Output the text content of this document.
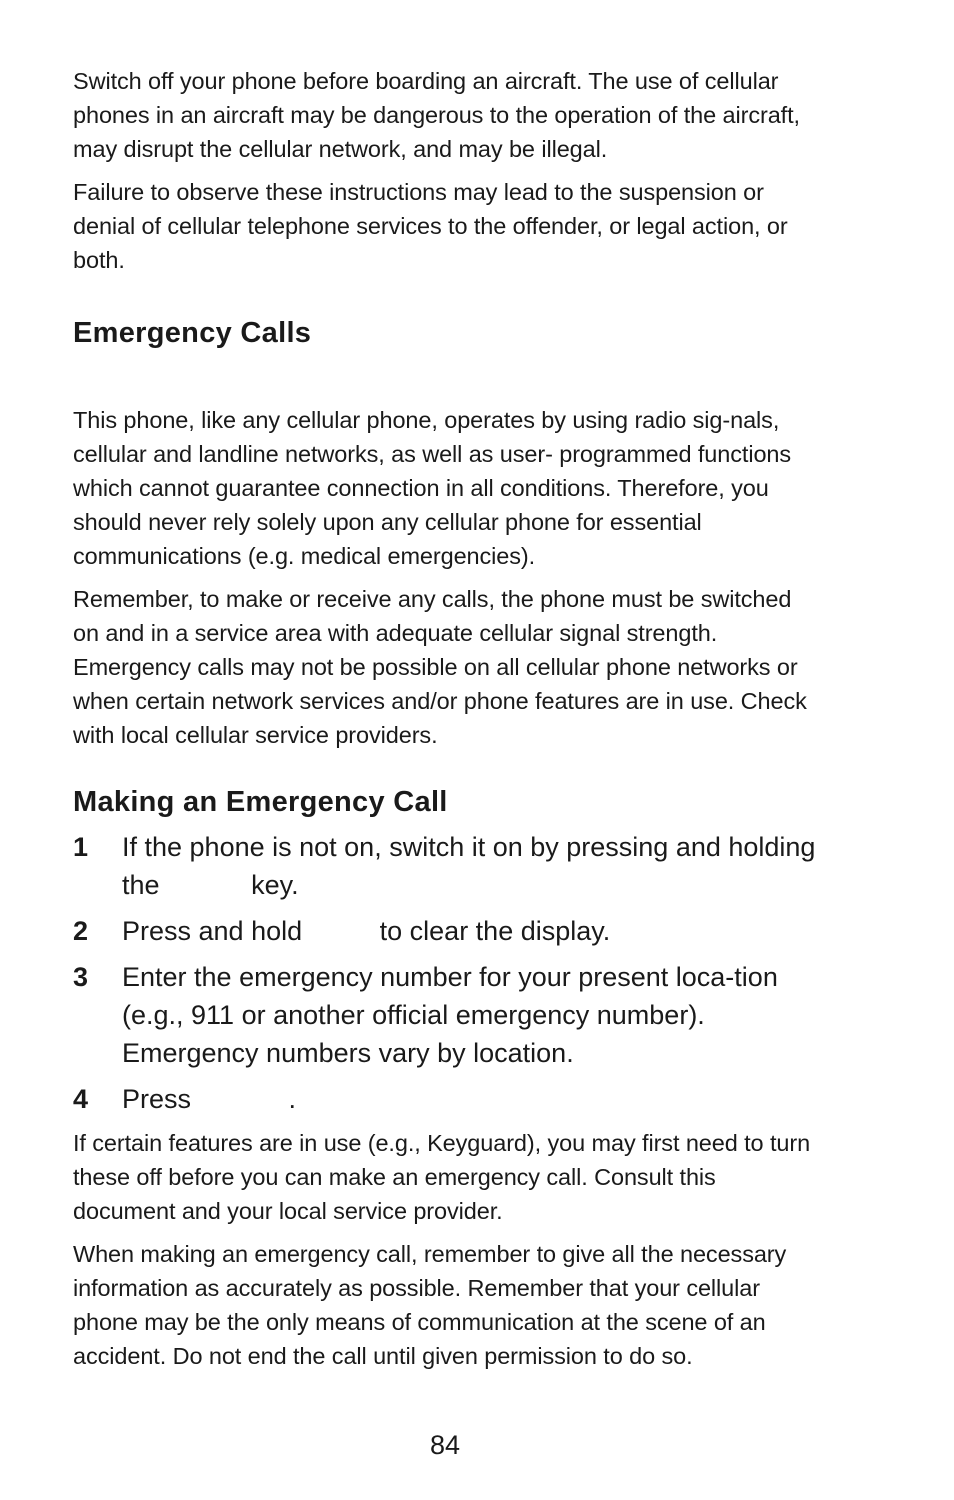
Switch off your phone before boarding an aircraft. The use of cellular phones in an aircraft may be dangerous to the operation of the aircraft, may disrupt the cellular network, and may be illegal.

Failure to observe these instructions may lead to the suspension or denial of cellular telephone services to the offender, or legal action, or both.

Emergency Calls

This phone, like any cellular phone, operates by using radio sig-nals, cellular and landline networks, as well as user- programmed functions which cannot guarantee connection in all conditions. Therefore, you should never rely solely upon any cellular phone for essential communications (e.g. medical emergencies).

Remember, to make or receive any calls, the phone must be switched on and in a service area with adequate cellular signal strength. Emergency calls may not be possible on all cellular phone networks or when certain network services and/or phone features are in use. Check with local cellular service providers.

Making an Emergency Call
1 If the phone is not on, switch it on by pressing and holding the	key.
2 Press and hold	to clear the display.
3 Enter the emergency number for your present loca-tion (e.g., 911 or another official emergency number). Emergency numbers vary by location.
4 Press	.

If certain features are in use (e.g., Keyguard), you may first need to turn these off before you can make an emergency call. Consult this document and your local service provider.

When making an emergency call, remember to give all the necessary information as accurately as possible. Remember that your cellular phone may be the only means of communication at the scene of an accident. Do not end the call until given permission to do so.

84
